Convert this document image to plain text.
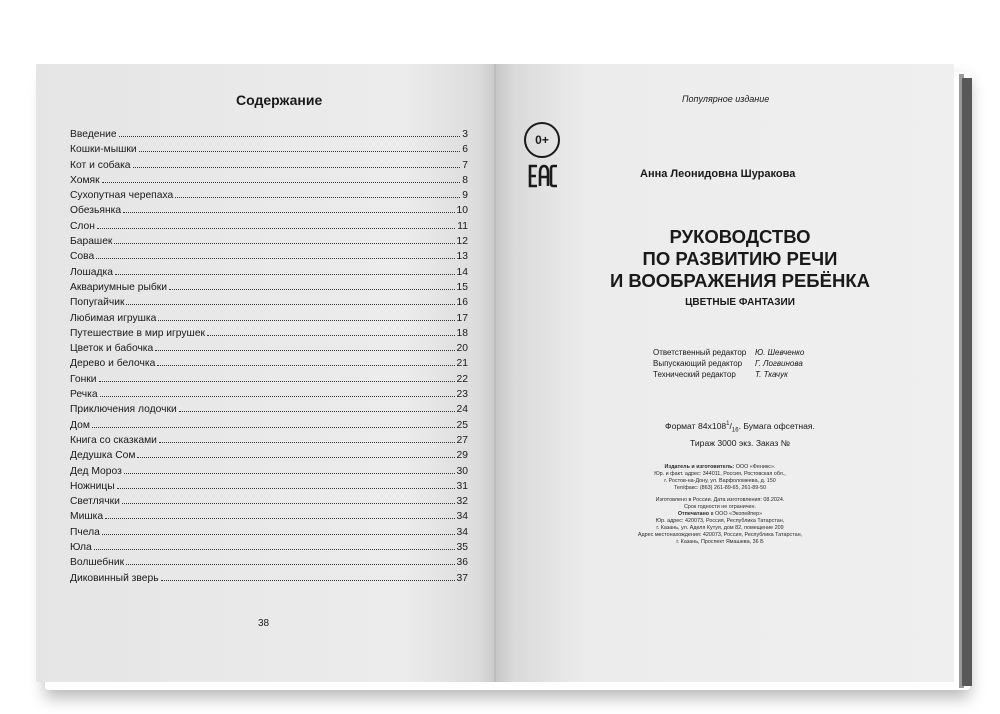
Содержание
Введение	3
Кошки-мышки	6
Кот и собака	7
Хомяк	8
Сухопутная черепаха	9
Обезьянка	10
Слон	11
Барашек	12
Сова	13
Лошадка	14
Аквариумные рыбки	15
Попугайчик	16
Любимая игрушка	17
Путешествие в мир игрушек	18
Цветок и бабочка	20
Дерево и белочка	21
Гонки	22
Речка	23
Приключения лодочки	24
Дом	25
Книга со сказками	27
Дедушка Сом	29
Дед Мороз	30
Ножницы	31
Светлячки	32
Мишка	34
Пчела	34
Юла	35
Волшебник	36
Диковинный зверь	37
38
Популярное издание
0+
Анна Леонидовна Шуракова
РУКОВОДСТВО
ПО РАЗВИТИЮ РЕЧИ
И ВООБРАЖЕНИЯ РЕБЁНКА
ЦВЕТНЫЕ ФАНТАЗИИ
Ответственный редактор	Ю. Шевченко
Выпускающий редактор	Г. Логвинова
Технический редактор	Т. Ткачук
Формат $84х108^1/_{16}$. Бумага офсетная.
Тираж 3000 экз. Заказ №
Издатель и изготовитель: ООО «Феникс».
Юр. и факт. адрес: 344011, Россия, Ростовская обл.,
г. Ростов-на-Дону, ул. Варфоломеева, д. 150
Тел/факс: (863) 261-89-65, 261-89-50
Изготовлено в России. Дата изготовления: 08.2024.
Срок годности не ограничен.
Отпечатано в ООО «Экопейпер»
Юр. адрес: 420073, Россия, Республика Татарстан,
г. Казань, ул. Аделя Кутуя, дом 82, помещение 209
Адрес местонахождения: 420073, Россия, Республика Татарстан,
г. Казань, Проспект Ямашева, 36 Б
